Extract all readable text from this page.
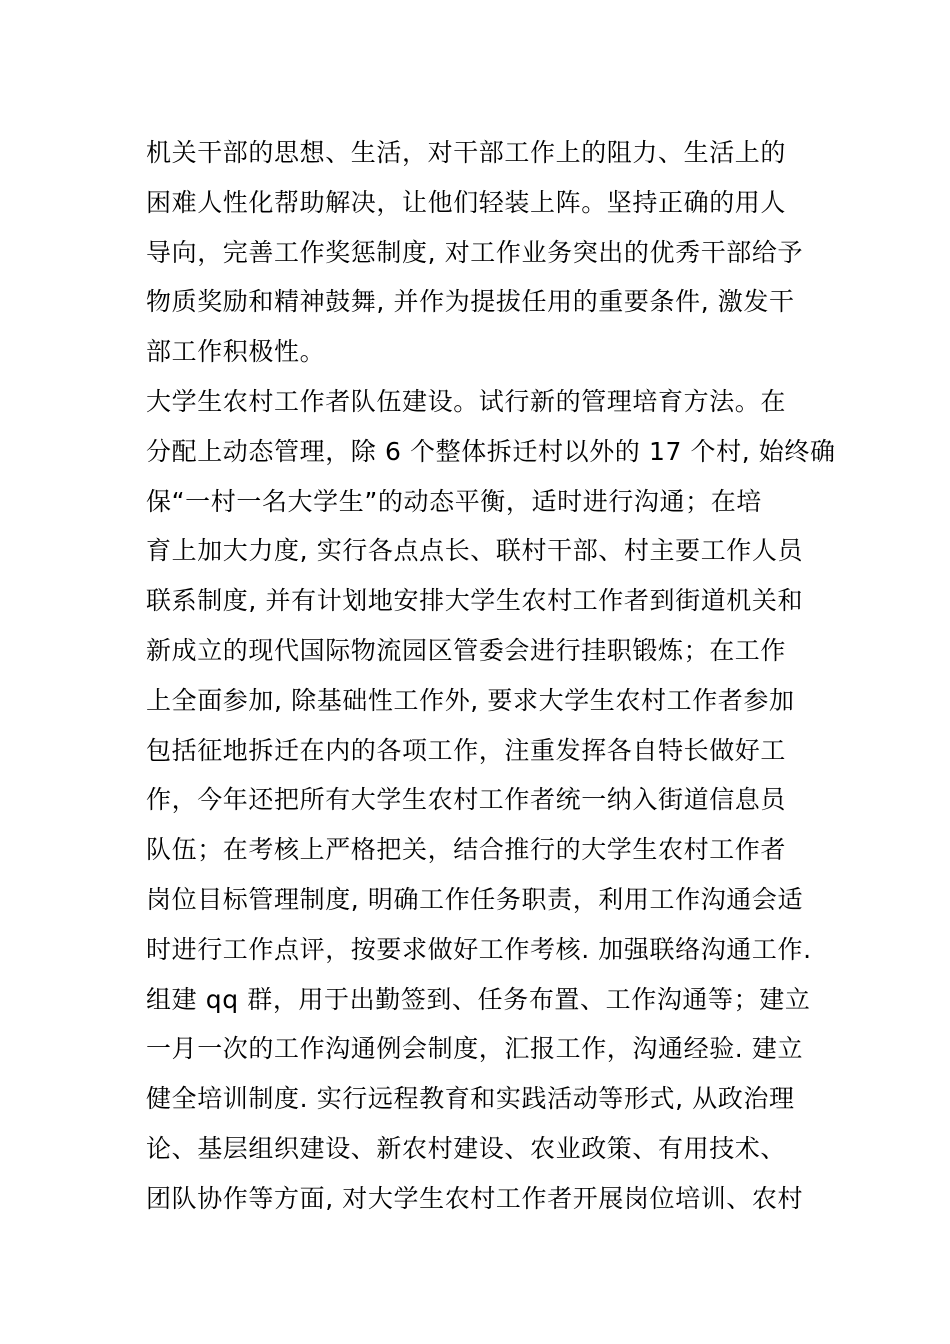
机关干部的思想、生活，对干部工作上的阻力、生活上的
困难人性化帮助解决，让他们轻装上阵。坚持正确的用人
导向，完善工作奖惩制度, 对工作业务突出的优秀干部给予
物质奖励和精神鼓舞, 并作为提拔任用的重要条件, 激发干
部工作积极性。
大学生农村工作者队伍建设。试行新的管理培育方法。在
分配上动态管理，除 6 个整体拆迁村以外的 17 个村, 始终确
保“一村一名大学生”的动态平衡，适时进行沟通；在培
育上加大力度, 实行各点点长、联村干部、村主要工作人员
联系制度, 并有计划地安排大学生农村工作者到街道机关和
新成立的现代国际物流园区管委会进行挂职锻炼；在工作
上全面参加, 除基础性工作外, 要求大学生农村工作者参加
包括征地拆迁在内的各项工作，注重发挥各自特长做好工
作，今年还把所有大学生农村工作者统一纳入街道信息员
队伍；在考核上严格把关，结合推行的大学生农村工作者
岗位目标管理制度, 明确工作任务职责，利用工作沟通会适
时进行工作点评，按要求做好工作考核. 加强联络沟通工作.
组建 qq 群，用于出勤签到、任务布置、工作沟通等；建立
一月一次的工作沟通例会制度，汇报工作，沟通经验. 建立
健全培训制度. 实行远程教育和实践活动等形式, 从政治理
论、基层组织建设、新农村建设、农业政策、有用技术、
团队协作等方面, 对大学生农村工作者开展岗位培训、农村
